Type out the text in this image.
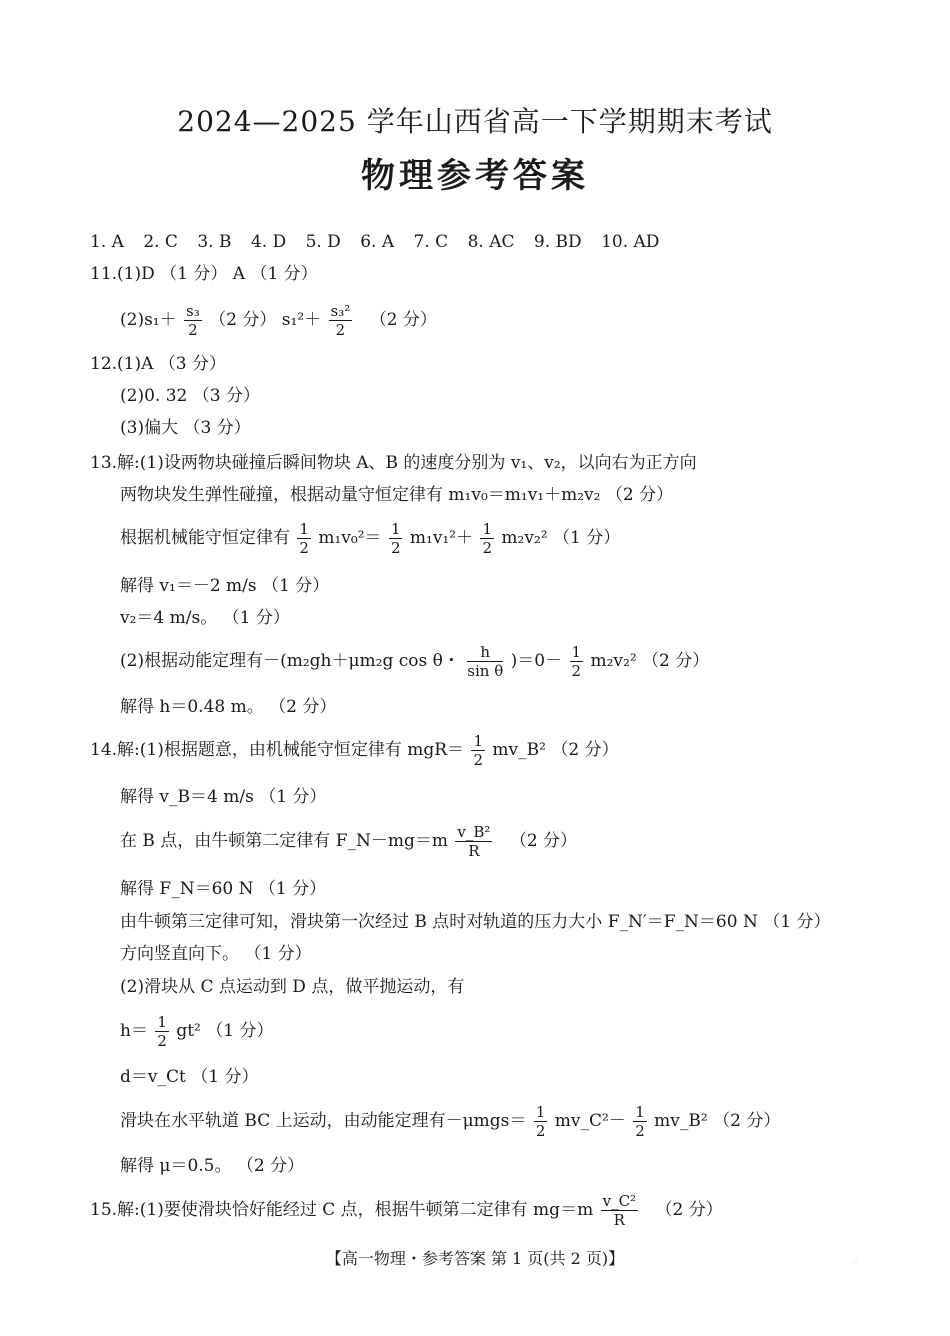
2024—2025 学年山西省高一下学期期末考试
物理参考答案
1. A 2. C 3. B 4. D 5. D 6. A 7. C 8. AC 9. BD 10. AD
11.(1)D （1 分） A （1 分）
$(2)s_1+ \frac{\text{s₃}}{2} (2$ 分） $s_1^2+ \frac{\text{s₃²}}{2} (2$ 分）
12.(1)A （3 分）
(2)0. 32 （3 分）
(3)偏大 （3 分）
13.解:(1)设两物块碰撞后瞬间物块 A、B 的速度分别为 v₁、v₂，以向右为正方向
两物块发生弹性碰撞，根据动量守恒定律有 m₁v₀＝m₁v₁＋m₂v₂ （2 分）
根据机械能守恒定律有 $\frac{1}{2} m_1v_0^2= \frac{1}{2} m_1v_1^2+ \frac{1}{2} m_2v_2^2$ （1 分）
解得 v₁＝－2 m/s （1 分）
v₂＝4 m/s。 （1 分）
(2)根据动能定理有－(m₂gh＋μm₂g cos θ・ $\frac{h}{\text{sin θ}} )=0- \frac{1}{2} m_2v_2^2$ （2 分）
解得 h＝0.48 m。 （2 分）
14.解:(1)根据题意，由机械能守恒定律有 $mgR= \frac{1}{2}$ mv_B² （2 分）
解得 v_B＝4 m/s （1 分）
在 B 点，由牛顿第二定律有 F_N－mg＝m $\frac{\text{v\_B²}}{R} (2$ 分）
解得 F_N＝60 N （1 分）
由牛顿第三定律可知，滑块第一次经过 B 点时对轨道的压力大小 F_N′＝F_N＝60 N （1 分）
方向竖直向下。 （1 分）
(2)滑块从 C 点运动到 D 点，做平抛运动，有
$h= \frac{1}{2} gt^2$ （1 分）
d＝v_Ct （1 分）
滑块在水平轨道 BC 上运动，由动能定理有$-\mu mgs= \frac{1}{2}$ mv_C²－ $\frac{1}{2}$ mv_B² （2 分）
解得 μ＝0.5。 （2 分）
15.解:(1)要使滑块恰好能经过 C 点，根据牛顿第二定律有 $mg=m \frac{\text{v\_C²}}{R} (2$ 分）
【高一物理・参考答案 第 1 页(共 2 页)】	··
